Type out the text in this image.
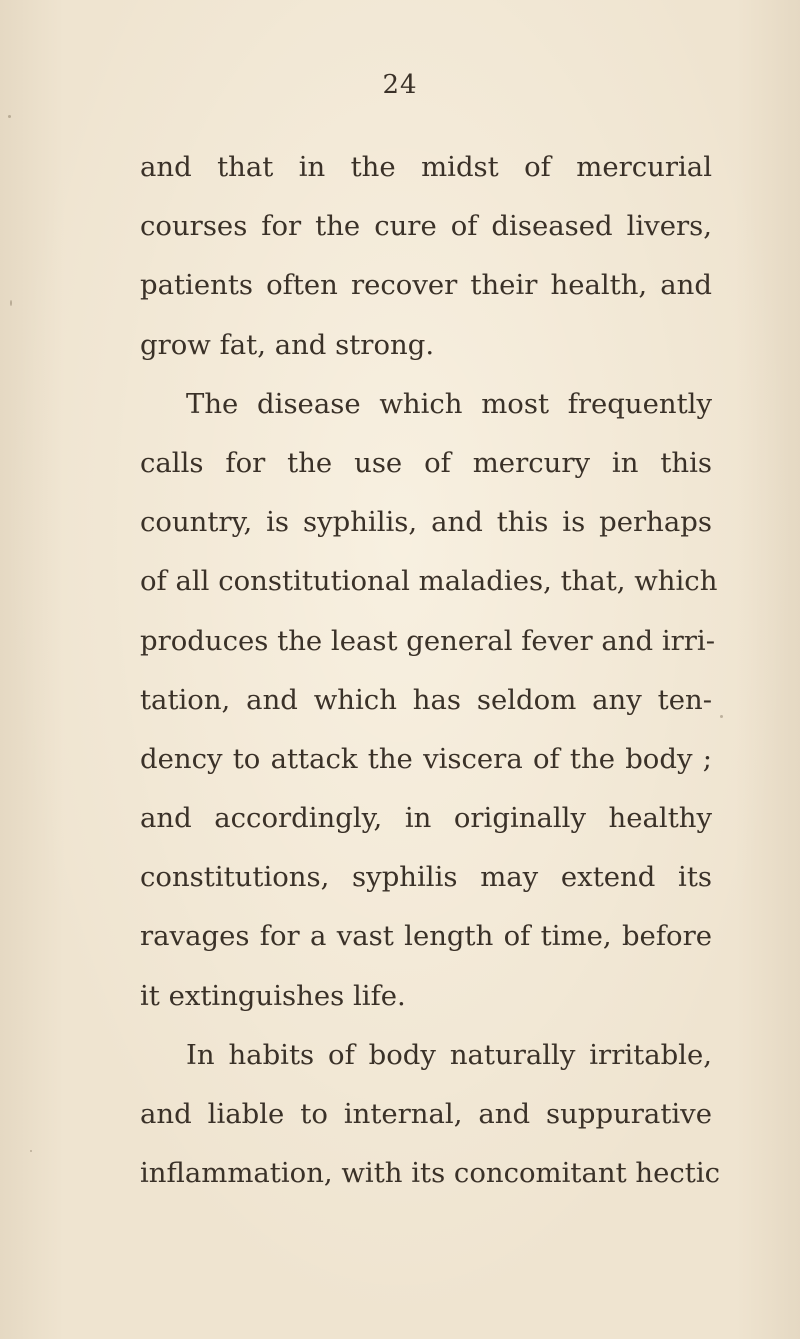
24
and that in the midst of mercurial
courses for the cure of diseased livers,
patients often recover their health, and
grow fat, and strong.
The disease which most frequently
calls for the use of mercury in this
country, is syphilis, and this is perhaps
of all constitutional maladies, that, which
produces the least general fever and irri-
tation, and which has seldom any ten-
dency to attack the viscera of the body ;
and accordingly, in originally healthy
constitutions, syphilis may extend its
ravages for a vast length of time, before
it extinguishes life.
In habits of body naturally irritable,
and liable to internal, and suppurative
inflammation, with its concomitant hectic
